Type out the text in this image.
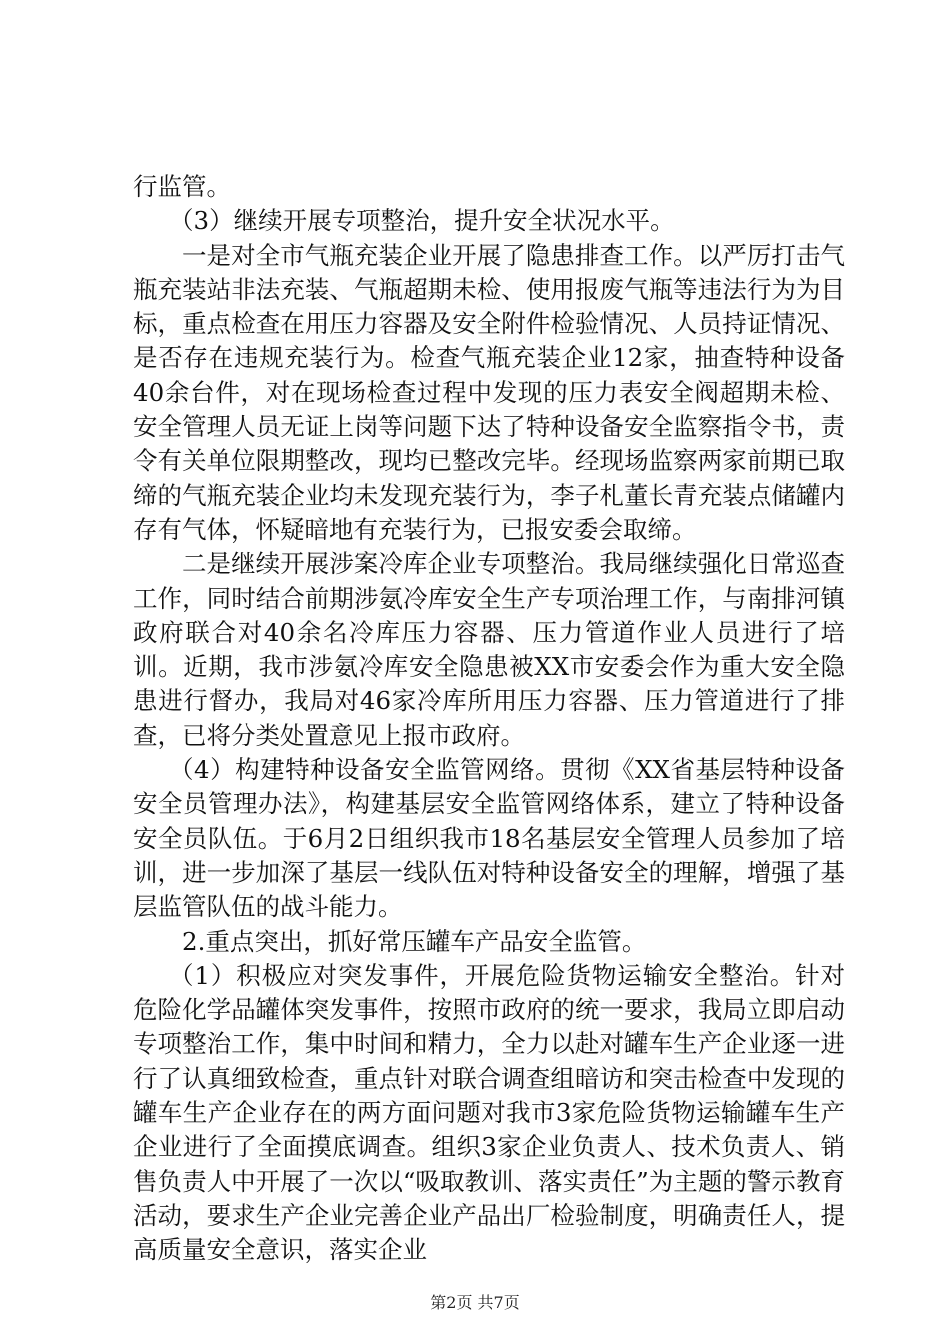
行监管。

（3）继续开展专项整治，提升安全状况水平。

一是对全市气瓶充装企业开展了隐患排查工作。以严厉打击气瓶充装站非法充装、气瓶超期未检、使用报废气瓶等违法行为为目标，重点检查在用压力容器及安全附件检验情况、人员持证情况、是否存在违规充装行为。检查气瓶充装企业12家，抽查特种设备40余台件，对在现场检查过程中发现的压力表安全阀超期未检、安全管理人员无证上岗等问题下达了特种设备安全监察指令书，责令有关单位限期整改，现均已整改完毕。经现场监察两家前期已取缔的气瓶充装企业均未发现充装行为，李子札董长青充装点储罐内存有气体，怀疑暗地有充装行为，已报安委会取缔。

二是继续开展涉案冷库企业专项整治。我局继续强化日常巡查工作，同时结合前期涉氨冷库安全生产专项治理工作，与南排河镇政府联合对40余名冷库压力容器、压力管道作业人员进行了培训。近期，我市涉氨冷库安全隐患被XX市安委会作为重大安全隐患进行督办，我局对46家冷库所用压力容器、压力管道进行了排查，已将分类处置意见上报市政府。

（4）构建特种设备安全监管网络。贯彻《XX省基层特种设备安全员管理办法》，构建基层安全监管网络体系，建立了特种设备安全员队伍。于6月2日组织我市18名基层安全管理人员参加了培训，进一步加深了基层一线队伍对特种设备安全的理解，增强了基层监管队伍的战斗能力。

2.重点突出，抓好常压罐车产品安全监管。

（1）积极应对突发事件，开展危险货物运输安全整治。针对危险化学品罐体突发事件，按照市政府的统一要求，我局立即启动专项整治工作，集中时间和精力，全力以赴对罐车生产企业逐一进行了认真细致检查，重点针对联合调查组暗访和突击检查中发现的罐车生产企业存在的两方面问题对我市3家危险货物运输罐车生产企业进行了全面摸底调查。组织3家企业负责人、技术负责人、销售负责人中开展了一次以“吸取教训、落实责任”为主题的警示教育活动，要求生产企业完善企业产品出厂检验制度，明确责任人，提高质量安全意识，落实企业

第2页 共7页
